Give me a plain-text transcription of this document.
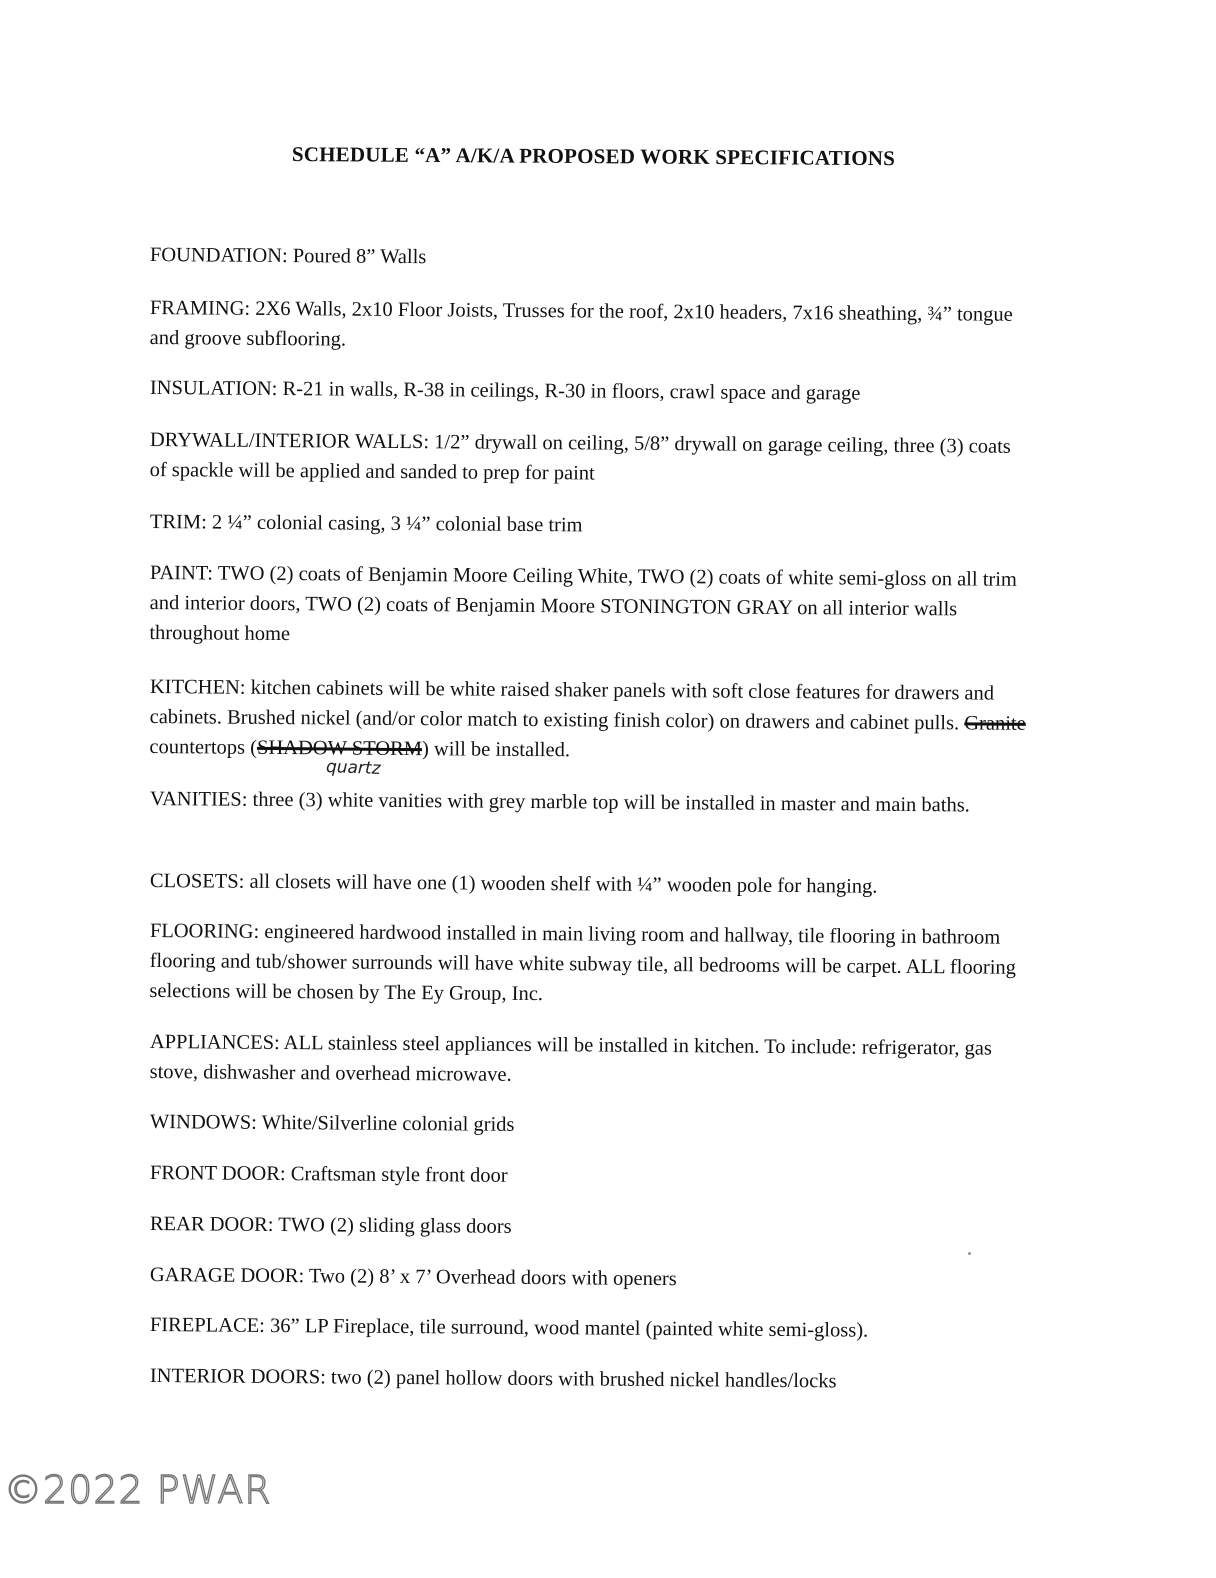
SCHEDULE “A” A/K/A PROPOSED WORK SPECIFICATIONS
FOUNDATION: Poured 8” Walls
FRAMING: 2X6 Walls, 2x10 Floor Joists, Trusses for the roof, 2x10 headers, 7x16 sheathing, ¾” tongue and groove subflooring.
INSULATION: R-21 in walls, R-38 in ceilings, R-30 in floors, crawl space and garage
DRYWALL/INTERIOR WALLS: 1/2” drywall on ceiling, 5/8” drywall on garage ceiling, three (3) coats of spackle will be applied and sanded to prep for paint
TRIM: 2 ¼” colonial casing, 3 ¼” colonial base trim
PAINT: TWO (2) coats of Benjamin Moore Ceiling White, TWO (2) coats of white semi-gloss on all trim and interior doors, TWO (2) coats of Benjamin Moore STONINGTON GRAY on all interior walls throughout home
KITCHEN: kitchen cabinets will be white raised shaker panels with soft close features for drawers and cabinets. Brushed nickel (and/or color match to existing finish color) on drawers and cabinet pulls. Granite countertops (SHADOW STORM) will be installed.
quartz
VANITIES: three (3) white vanities with grey marble top will be installed in master and main baths.
CLOSETS: all closets will have one (1) wooden shelf with ¼” wooden pole for hanging.
FLOORING: engineered hardwood installed in main living room and hallway, tile flooring in bathroom flooring and tub/shower surrounds will have white subway tile, all bedrooms will be carpet. ALL flooring selections will be chosen by The Ey Group, Inc.
APPLIANCES: ALL stainless steel appliances will be installed in kitchen. To include: refrigerator, gas stove, dishwasher and overhead microwave.
WINDOWS: White/Silverline colonial grids
FRONT DOOR: Craftsman style front door
REAR DOOR: TWO (2) sliding glass doors
GARAGE DOOR: Two (2) 8’ x 7’ Overhead doors with openers
FIREPLACE: 36” LP Fireplace, tile surround, wood mantel (painted white semi-gloss).
INTERIOR DOORS: two (2) panel hollow doors with brushed nickel handles/locks
©2022 PWAR
